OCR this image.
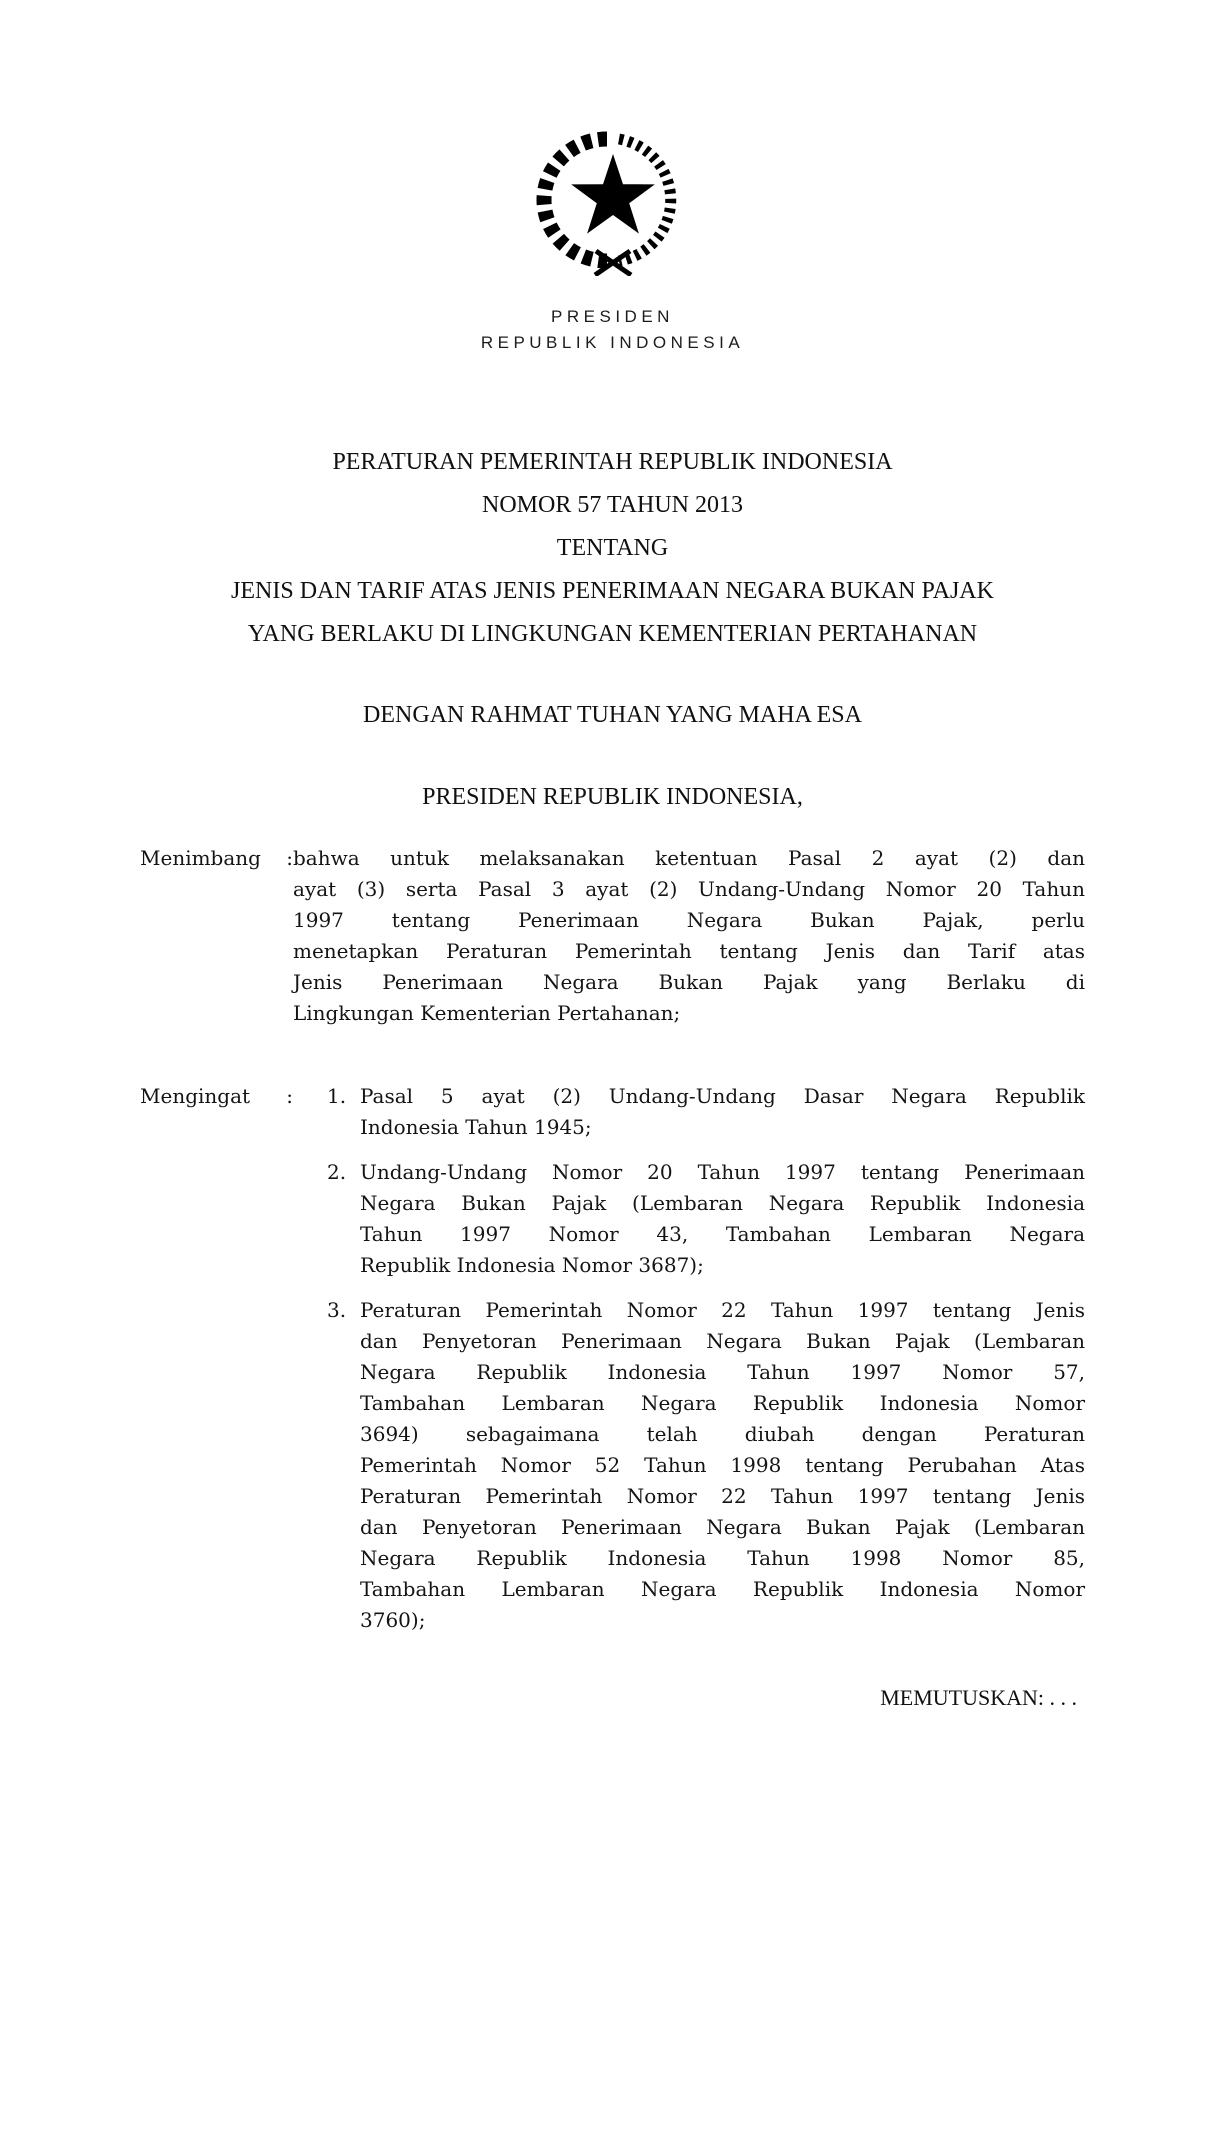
PRESIDEN
REPUBLIK INDONESIA
PERATURAN PEMERINTAH REPUBLIK INDONESIA
NOMOR 57 TAHUN 2013
TENTANG
JENIS DAN TARIF ATAS JENIS PENERIMAAN NEGARA BUKAN PAJAK
YANG BERLAKU DI LINGKUNGAN KEMENTERIAN PERTAHANAN
DENGAN RAHMAT TUHAN YANG MAHA ESA
PRESIDEN REPUBLIK INDONESIA,
Menimbang : bahwa untuk melaksanakan ketentuan Pasal 2 ayat (2) dan
ayat (3) serta Pasal 3 ayat (2) Undang-Undang Nomor 20 Tahun
1997 tentang Penerimaan Negara Bukan Pajak, perlu
menetapkan Peraturan Pemerintah tentang Jenis dan Tarif atas
Jenis Penerimaan Negara Bukan Pajak yang Berlaku di
Lingkungan Kementerian Pertahanan;
Mengingat : 1. Pasal 5 ayat (2) Undang-Undang Dasar Negara Republik
Indonesia Tahun 1945;
2. Undang-Undang Nomor 20 Tahun 1997 tentang Penerimaan
Negara Bukan Pajak (Lembaran Negara Republik Indonesia
Tahun 1997 Nomor 43, Tambahan Lembaran Negara
Republik Indonesia Nomor 3687);
3. Peraturan Pemerintah Nomor 22 Tahun 1997 tentang Jenis
dan Penyetoran Penerimaan Negara Bukan Pajak (Lembaran
Negara Republik Indonesia Tahun 1997 Nomor 57,
Tambahan Lembaran Negara Republik Indonesia Nomor
3694) sebagaimana telah diubah dengan Peraturan
Pemerintah Nomor 52 Tahun 1998 tentang Perubahan Atas
Peraturan Pemerintah Nomor 22 Tahun 1997 tentang Jenis
dan Penyetoran Penerimaan Negara Bukan Pajak (Lembaran
Negara Republik Indonesia Tahun 1998 Nomor 85,
Tambahan Lembaran Negara Republik Indonesia Nomor
3760);
MEMUTUSKAN: . . .
